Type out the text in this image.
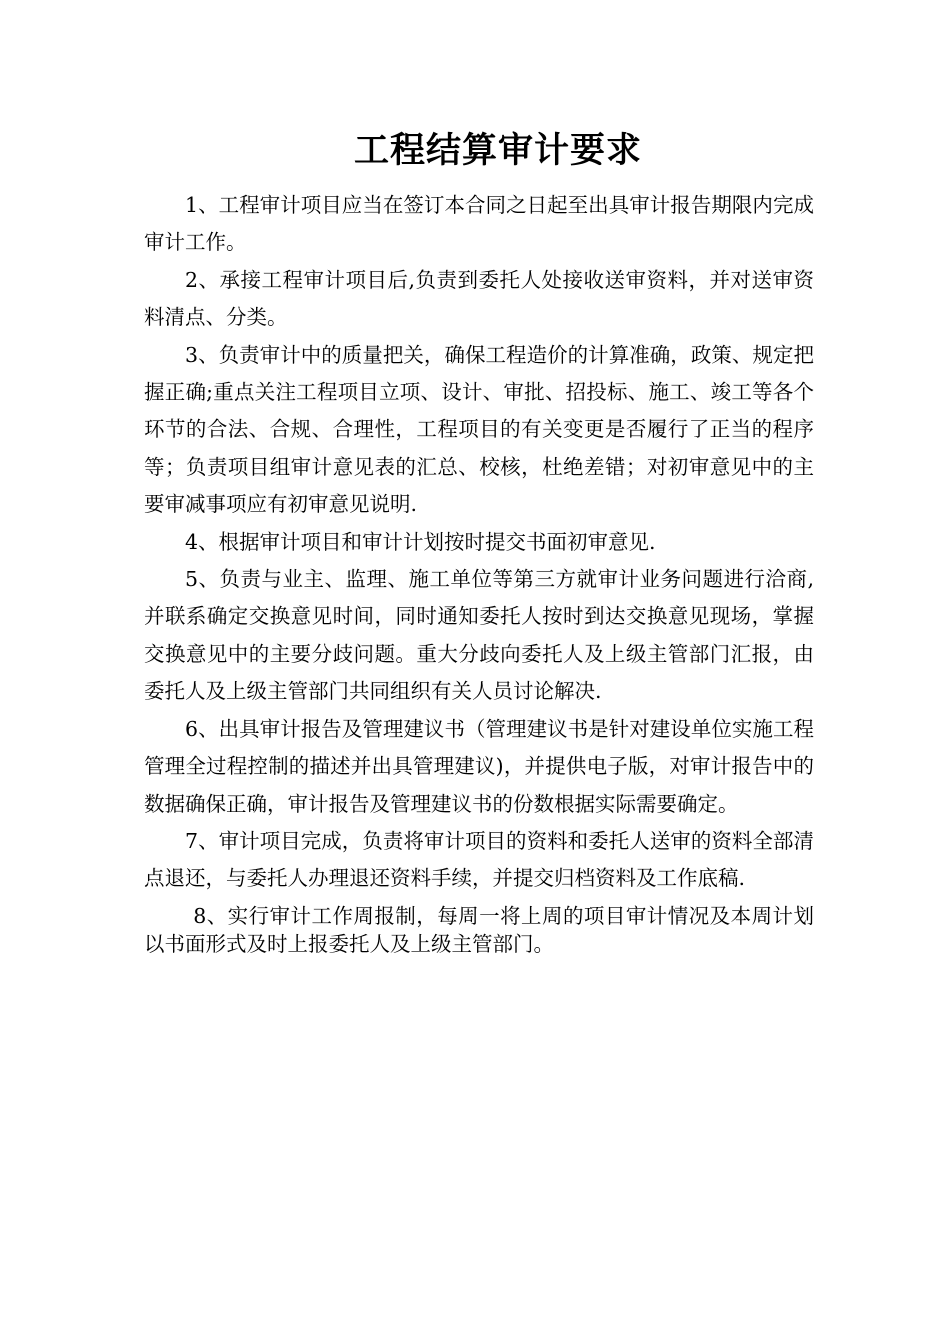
工程结算审计要求

1、工程审计项目应当在签订本合同之日起至出具审计报告期限内完成审计工作。

2、承接工程审计项目后,负责到委托人处接收送审资料，并对送审资料清点、分类。

3、负责审计中的质量把关，确保工程造价的计算准确，政策、规定把握正确;重点关注工程项目立项、设计、审批、招投标、施工、竣工等各个环节的合法、合规、合理性，工程项目的有关变更是否履行了正当的程序等；负责项目组审计意见表的汇总、校核，杜绝差错；对初审意见中的主要审减事项应有初审意见说明.

4、根据审计项目和审计计划按时提交书面初审意见.

5、负责与业主、监理、施工单位等第三方就审计业务问题进行洽商,并联系确定交换意见时间，同时通知委托人按时到达交换意见现场，掌握交换意见中的主要分歧问题。重大分歧向委托人及上级主管部门汇报，由委托人及上级主管部门共同组织有关人员讨论解决.

6、出具审计报告及管理建议书（管理建议书是针对建设单位实施工程管理全过程控制的描述并出具管理建议)，并提供电子版，对审计报告中的数据确保正确，审计报告及管理建议书的份数根据实际需要确定。

7、审计项目完成，负责将审计项目的资料和委托人送审的资料全部清点退还，与委托人办理退还资料手续，并提交归档资料及工作底稿.

8、实行审计工作周报制，每周一将上周的项目审计情况及本周计划以书面形式及时上报委托人及上级主管部门。
